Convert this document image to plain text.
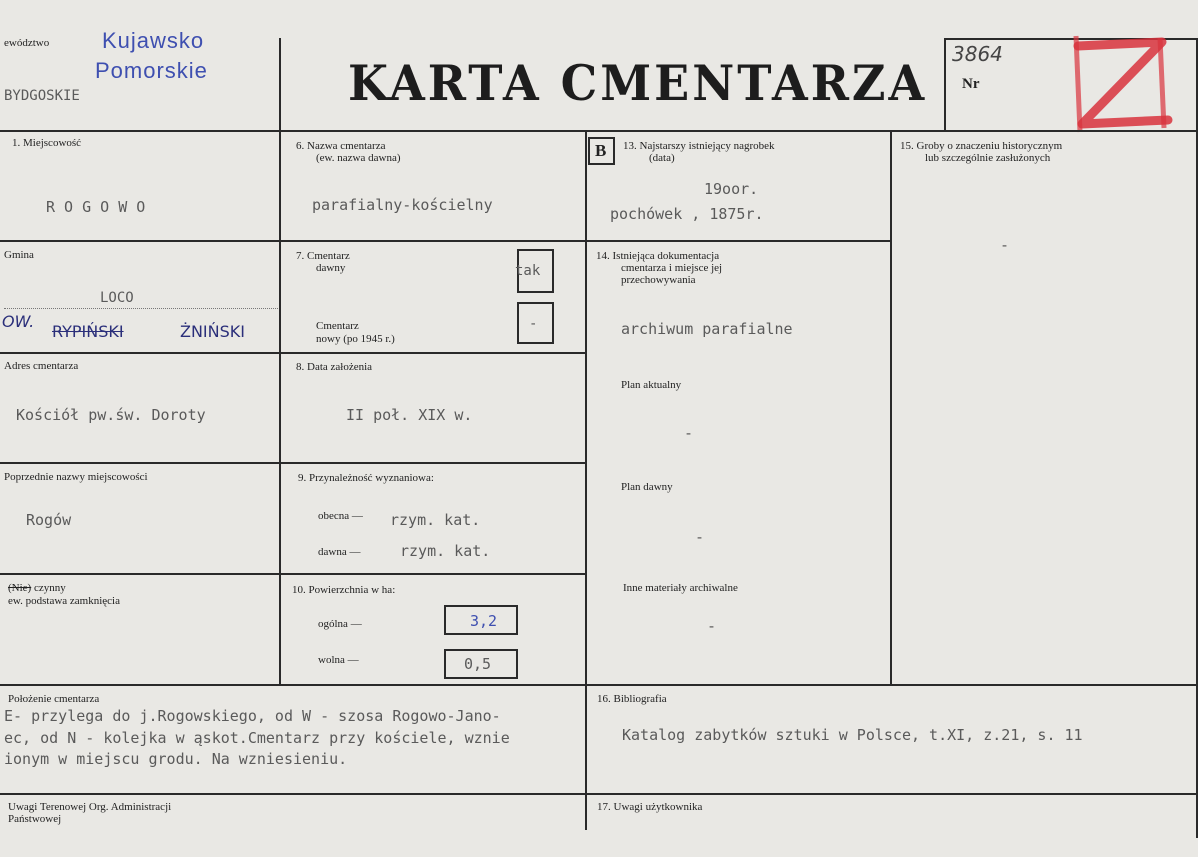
ewództwo Kujawsko
Pomorskie
BYDGOSKIE	KARTA CMENTARZA
3864
Nr
1. Miejscowość
R O G O W O
Gmina
LOCO
OW.
RYPIŃSKI	ŻNIŃSKI
Adres cmentarza
Kościół pw.św. Doroty
Poprzednie nazwy miejscowości
Rogów
(Nie) czynny
ew. podstawa zamknięcia
6. Nazwa cmentarza
(ew. nazwa dawna)
parafialny-kościelny
7. Cmentarz
dawny	tak
Cmentarz
nowy (po 1945 r.)
-
8. Data założenia
II poł. XIX w.
9. Przynależność wyznaniowa:
obecna — rzym. kat.
dawna —	rzym. kat.
10. Powierzchnia w ha:
ogólna —	3,2
wolna —	0,5
B 13. Najstarszy istniejący nagrobek
(data)
19oor.
pochówek , 1875r.
14. Istniejąca dokumentacja
cmentarza i miejsce jej
przechowywania
archiwum parafialne
Plan aktualny
-
Plan dawny
-
Inne materiały archiwalne
-
15. Groby o znaczeniu historycznym
lub szczególnie zasłużonych
-
Położenie cmentarza
E- przylega do j.Rogowskiego, od W - szosa Rogowo-Jano-
ec, od N - kolejka w ąskot.Cmentarz przy kościele, wznie
ionym w miejscu grodu. Na wzniesieniu.
16. Bibliografia
Katalog zabytków sztuki w Polsce, t.XI, z.21, s. 11
Uwagi Terenowej Org. Administracji
Państwowej
17. Uwagi użytkownika
